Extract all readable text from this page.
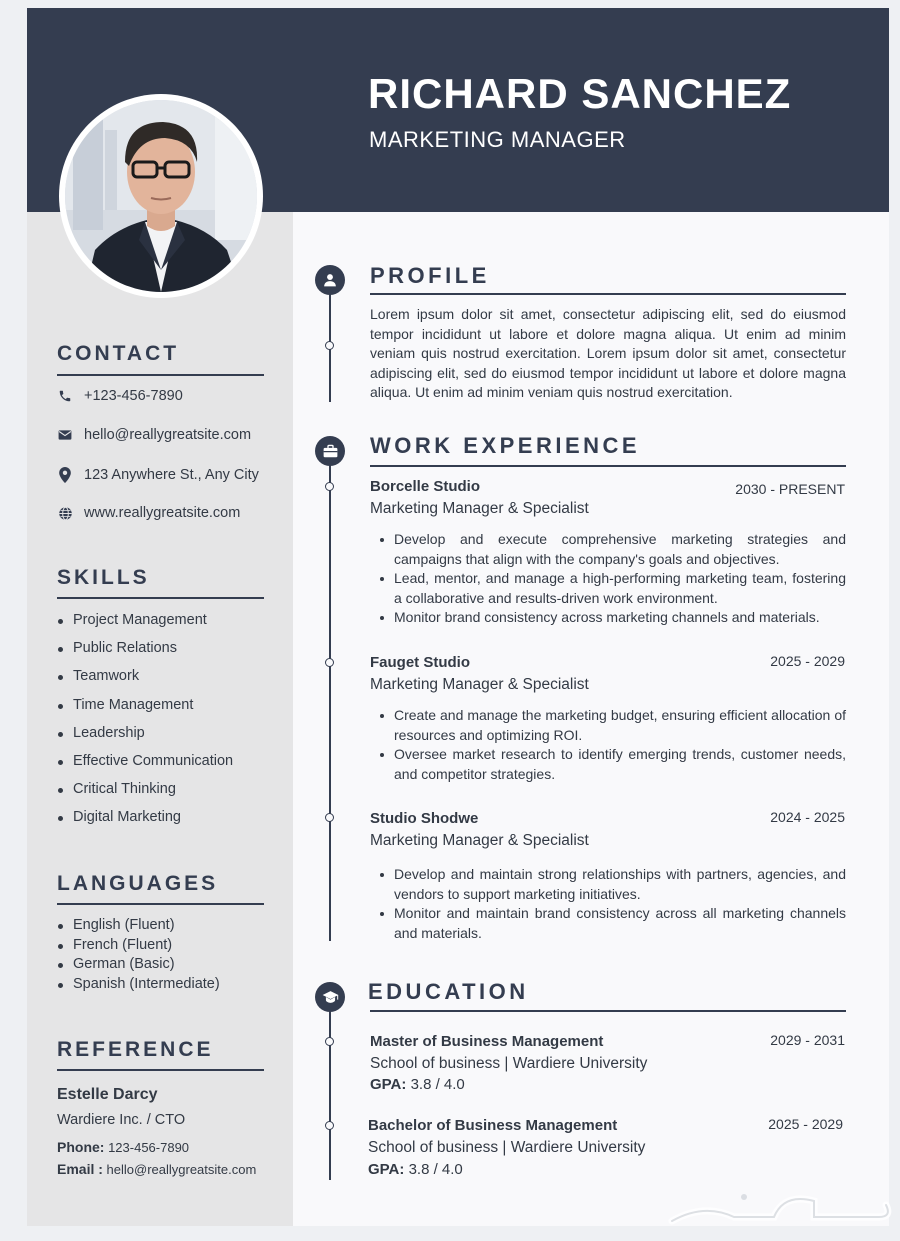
RICHARD SANCHEZ
MARKETING MANAGER
CONTACT
+123-456-7890
hello@reallygreatsite.com
123 Anywhere St., Any City
www.reallygreatsite.com
SKILLS
Project Management
Public Relations
Teamwork
Time Management
Leadership
Effective Communication
Critical Thinking
Digital Marketing
LANGUAGES
English (Fluent)
French (Fluent)
German (Basic)
Spanish (Intermediate)
REFERENCE
Estelle Darcy
Wardiere Inc. / CTO
Phone: 123-456-7890
Email : hello@reallygreatsite.com
PROFILE
Lorem ipsum dolor sit amet, consectetur adipiscing elit, sed do eiusmod tempor incididunt ut labore et dolore magna aliqua. Ut enim ad minim veniam quis nostrud exercitation. Lorem ipsum dolor sit amet, consectetur adipiscing elit, sed do eiusmod tempor incididunt ut labore et dolore magna aliqua. Ut enim ad minim veniam quis nostrud exercitation.
WORK EXPERIENCE
Borcelle Studio	2030 - PRESENT
Marketing Manager & Specialist
Develop and execute comprehensive marketing strategies and campaigns that align with the company's goals and objectives.
Lead, mentor, and manage a high-performing marketing team, fostering a collaborative and results-driven work environment.
Monitor brand consistency across marketing channels and materials.
Fauget Studio	2025 - 2029
Marketing Manager & Specialist
Create and manage the marketing budget, ensuring efficient allocation of resources and optimizing ROI.
Oversee market research to identify emerging trends, customer needs, and competitor strategies.
Studio Shodwe	2024 - 2025
Marketing Manager & Specialist
Develop and maintain strong relationships with partners, agencies, and vendors to support marketing initiatives.
Monitor and maintain brand consistency across all marketing channels and materials.
EDUCATION
Master of Business Management	2029 - 2031
School of business | Wardiere University
GPA: 3.8 / 4.0
Bachelor of Business Management	2025 - 2029
School of business | Wardiere University
GPA: 3.8 / 4.0
